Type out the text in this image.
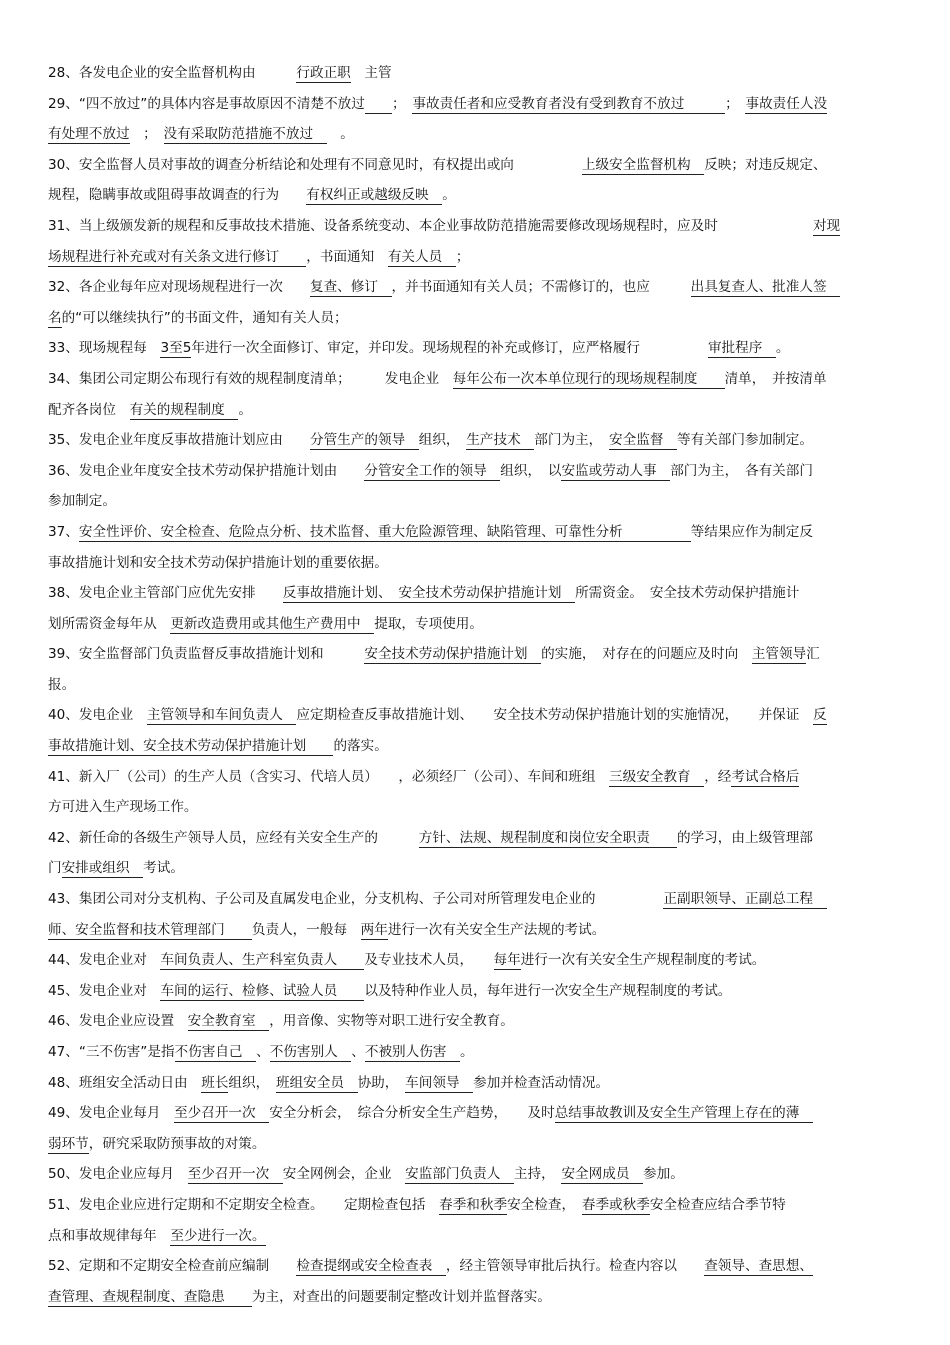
28、各发电企业的安全监督机构由　　　行政正职　主管
29、“四不放过”的具体内容是事故原因不清楚不放过　　 ；　事故责任者和应受教育者没有受到教育不放过　　　；　事故责任人没
有处理不放过　；　没有采取防范措施不放过　　。
30、安全监督人员对事故的调查分析结论和处理有不同意见时，有权提出或向　　　　　上级安全监督机构　反映；对违反规定、
规程，隐瞒事故或阻碍事故调查的行为　　有权纠正或越级反映　。
31、当上级颁发新的规程和反事故技术措施、设备系统变动、本企业事故防范措施需要修改现场规程时，应及时　　　　　　　对现
场规程进行补充或对有关条文进行修订　　，书面通知　有关人员　；
32、各企业每年应对现场规程进行一次　　复查、修订　，并书面通知有关人员；不需修订的，也应　　　出具复查人、批准人签　
名的“可以继续执行”的书面文件，通知有关人员；
33、现场规程每　3至5年进行一次全面修订、审定，并印发。现场规程的补充或修订，应严格履行　　　　　审批程序　。
34、集团公司定期公布现行有效的规程制度清单；　　　发电企业　每年公布一次本单位现行的现场规程制度　　清单，　并按清单
配齐各岗位　有关的规程制度　。
35、发电企业年度反事故措施计划应由　　分管生产的领导　组织，　生产技术　部门为主，　安全监督　等有关部门参加制定。
36、发电企业年度安全技术劳动保护措施计划由　　分管安全工作的领导　组织，　以安监或劳动人事　部门为主，　各有关部门
参加制定。
37、安全性评价、安全检查、危险点分析、技术监督、重大危险源管理、缺陷管理、可靠性分析　　　　　等结果应作为制定反
事故措施计划和安全技术劳动保护措施计划的重要依据。
38、发电企业主管部门应优先安排　　反事故措施计划、　安全技术劳动保护措施计划　所需资金。　安全技术劳动保护措施计
划所需资金每年从　更新改造费用或其他生产费用中　提取，专项使用。
39、安全监督部门负责监督反事故措施计划和　　　安全技术劳动保护措施计划　的实施，　对存在的问题应及时向　主管领导汇
报。
40、发电企业　主管领导和车间负责人　应定期检查反事故措施计划、　　安全技术劳动保护措施计划的实施情况，　　并保证　反
事故措施计划、安全技术劳动保护措施计划　　的落实。
41、新入厂（公司）的生产人员（含实习、代培人员）　　，必须经厂（公司）、车间和班组　三级安全教育　，经考试合格后
方可进入生产现场工作。
42、新任命的各级生产领导人员，应经有关安全生产的　　　方针、法规、规程制度和岗位安全职责　　的学习，由上级管理部
门安排或组织　考试。
43、集团公司对分支机构、子公司及直属发电企业，分支机构、子公司对所管理发电企业的　　　　　正副职领导、正副总工程　
师、安全监督和技术管理部门　　负责人，一般每　两年进行一次有关安全生产法规的考试。
44、发电企业对　车间负责人、生产科室负责人　　及专业技术人员，　　每年进行一次有关安全生产规程制度的考试。
45、发电企业对　车间的运行、检修、试验人员　　以及特种作业人员，每年进行一次安全生产规程制度的考试。
46、发电企业应设置　安全教育室　，用音像、实物等对职工进行安全教育。
47、“三不伤害”是指不伤害自己　、不伤害别人　、不被别人伤害　。
48、班组安全活动日由　班长组织，　班组安全员　协助，　车间领导　参加并检查活动情况。
49、发电企业每月　至少召开一次　安全分析会，　综合分析安全生产趋势，　　及时总结事故教训及安全生产管理上存在的薄　
弱环节，研究采取防预事故的对策。
50、发电企业应每月　至少召开一次　安全网例会，企业　安监部门负责人　主持，　安全网成员　参加。
51、发电企业应进行定期和不定期安全检查。　　定期检查包括　春季和秋季安全检查，　春季或秋季安全检查应结合季节特
点和事故规律每年　至少进行一次。
52、定期和不定期安全检查前应编制　　检查提纲或安全检查表　，经主管领导审批后执行。检查内容以　　查领导、查思想、
查管理、查规程制度、查隐患　　为主，对查出的问题要制定整改计划并监督落实。
